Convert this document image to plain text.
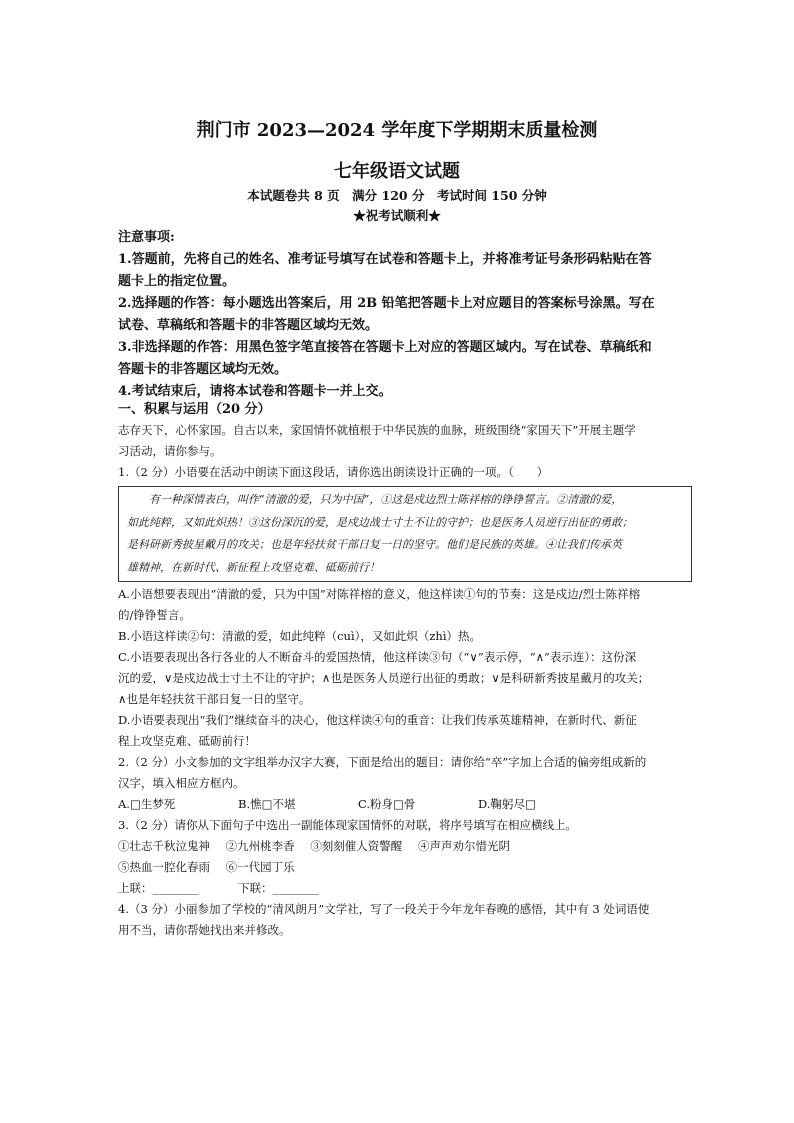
荆门市 2023—2024 学年度下学期期末质量检测
七年级语文试题
本试题卷共 8 页　满分 120 分　考试时间 150 分钟
★祝考试顺利★
注意事项:
1.答题前，先将自己的姓名、准考证号填写在试卷和答题卡上，并将准考证号条形码粘贴在答
题卡上的指定位置。
2.选择题的作答：每小题选出答案后，用 2B 铅笔把答题卡上对应题目的答案标号涂黑。写在
试卷、草稿纸和答题卡的非答题区域均无效。
3.非选择题的作答：用黑色签字笔直接答在答题卡上对应的答题区域内。写在试卷、草稿纸和
答题卡的非答题区域均无效。
4.考试结束后，请将本试卷和答题卡一并上交。
一、积累与运用（20 分）
志存天下，心怀家国。自古以来，家国情怀就植根于中华民族的血脉，班级围绕“家国天下”开展主题学
习活动，请你参与。
1.（2 分）小语要在活动中朗读下面这段话，请你选出朗读设计正确的一项。（　　）
　　有一种深情表白，叫作“清澈的爱，只为中国”，①这是戍边烈士陈祥榕的铮铮誓言。②清澈的爱，
如此纯粹，又如此炽热！③这份深沉的爱，是戍边战士寸土不让的守护；也是医务人员逆行出征的勇敢；
是科研新秀披星戴月的攻关；也是年轻扶贫干部日复一日的坚守。他们是民族的英雄。④让我们传承英
雄精神，在新时代、新征程上攻坚克难、砥砺前行！
A.小语想要表现出“清澈的爱，只为中国”对陈祥榕的意义，他这样读①句的节奏：这是戍边/烈士陈祥榕
的/铮铮誓言。
B.小语这样读②句：清澈的爱，如此纯粹（cuì），又如此炽（zhì）热。
C.小语要表现出各行各业的人不断奋斗的爱国热情，他这样读③句（“∨”表示停，“∧”表示连）：这份深
沉的爱，∨是戍边战士寸土不让的守护；∧也是医务人员逆行出征的勇敢；∨是科研新秀披星戴月的攻关；
∧也是年轻扶贫干部日复一日的坚守。
D.小语要表现出“我们”继续奋斗的决心，他这样读④句的重音：让我们传承英雄精神，在新时代、新征
程上攻坚克难、砥砺前行！
2.（2 分）小文参加的文字组举办汉字大赛，下面是给出的题目：请你给“卒”字加上合适的偏旁组成新的
汉字，填入相应方框内。
A.□生梦死	B.憔□不堪	C.粉身□骨	D.鞠躬尽□
3.（2 分）请你从下面句子中选出一副能体现家国情怀的对联，将序号填写在相应横线上。
①壮志千秋泣鬼神 ②九州桃李香 ③刻刻催人资警醒 ④声声劝尔惜光阴
⑤热血一腔化春雨 ⑥一代园丁乐
上联：________	下联：________
4.（3 分）小丽参加了学校的“清风朗月”文学社，写了一段关于今年龙年春晚的感悟，其中有 3 处词语使
用不当，请你帮她找出来并修改。
